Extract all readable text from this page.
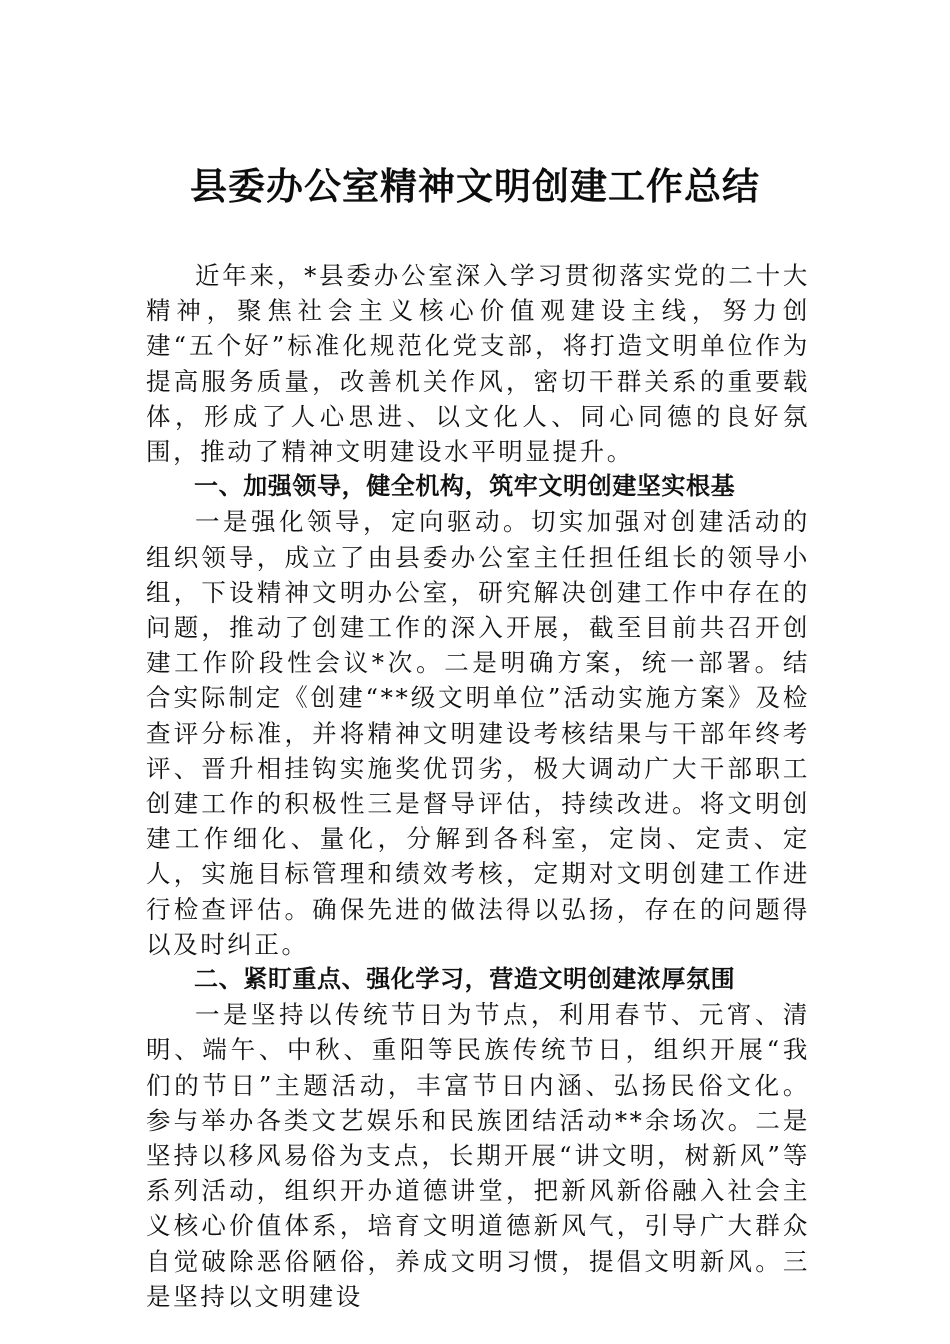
县委办公室精神文明创建工作总结

近年来，*县委办公室深入学习贯彻落实党的二十大精神，聚焦社会主义核心价值观建设主线，努力创建“五个好”标准化规范化党支部，将打造文明单位作为提高服务质量，改善机关作风，密切干群关系的重要载体，形成了人心思进、以文化人、同心同德的良好氛围，推动了精神文明建设水平明显提升。

一、加强领导，健全机构，筑牢文明创建坚实根基

一是强化领导，定向驱动。切实加强对创建活动的组织领导，成立了由县委办公室主任担任组长的领导小组，下设精神文明办公室，研究解决创建工作中存在的问题，推动了创建工作的深入开展，截至目前共召开创建工作阶段性会议*次。二是明确方案，统一部署。结合实际制定《创建“**级文明单位”活动实施方案》及检查评分标准，并将精神文明建设考核结果与干部年终考评、晋升相挂钩实施奖优罚劣，极大调动广大干部职工创建工作的积极性三是督导评估，持续改进。将文明创建工作细化、量化，分解到各科室，定岗、定责、定人，实施目标管理和绩效考核，定期对文明创建工作进行检查评估。确保先进的做法得以弘扬，存在的问题得以及时纠正。

二、紧盯重点、强化学习，营造文明创建浓厚氛围

一是坚持以传统节日为节点，利用春节、元宵、清明、端午、中秋、重阳等民族传统节日，组织开展“我们的节日”主题活动，丰富节日内涵、弘扬民俗文化。参与举办各类文艺娱乐和民族团结活动**余场次。二是坚持以移风易俗为支点，长期开展“讲文明，树新风”等系列活动，组织开办道德讲堂，把新风新俗融入社会主义核心价值体系，培育文明道德新风气，引导广大群众自觉破除恶俗陋俗，养成文明习惯，提倡文明新风。三是坚持以文明建设
